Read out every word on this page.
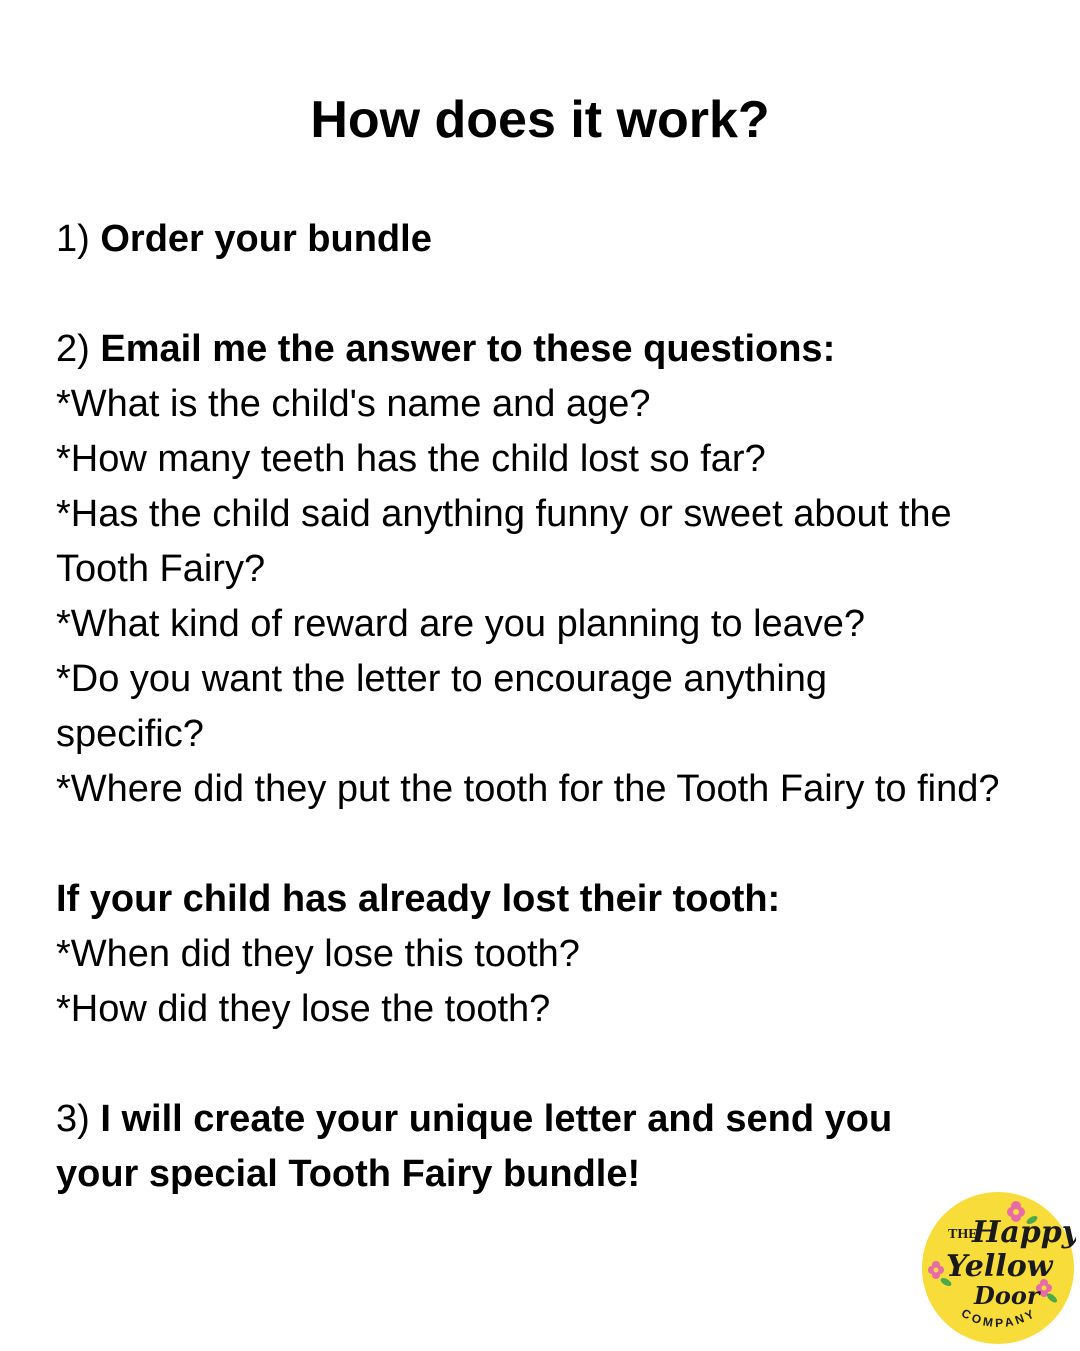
How does it work?
1) Order your bundle
2) Email me the answer to these questions:
*What is the child's name and age?
*How many teeth has the child lost so far?
*Has the child said anything funny or sweet about the Tooth Fairy?
*What kind of reward are you planning to leave?
*Do you want the letter to encourage anything specific?
*Where did they put the tooth for the Tooth Fairy to find?
If your child has already lost their tooth:
*When did they lose this tooth?
*How did they lose the tooth?
3) I will create your unique letter and send you your special Tooth Fairy bundle!
THE
Happy
Yellow
Door
COMPANY
